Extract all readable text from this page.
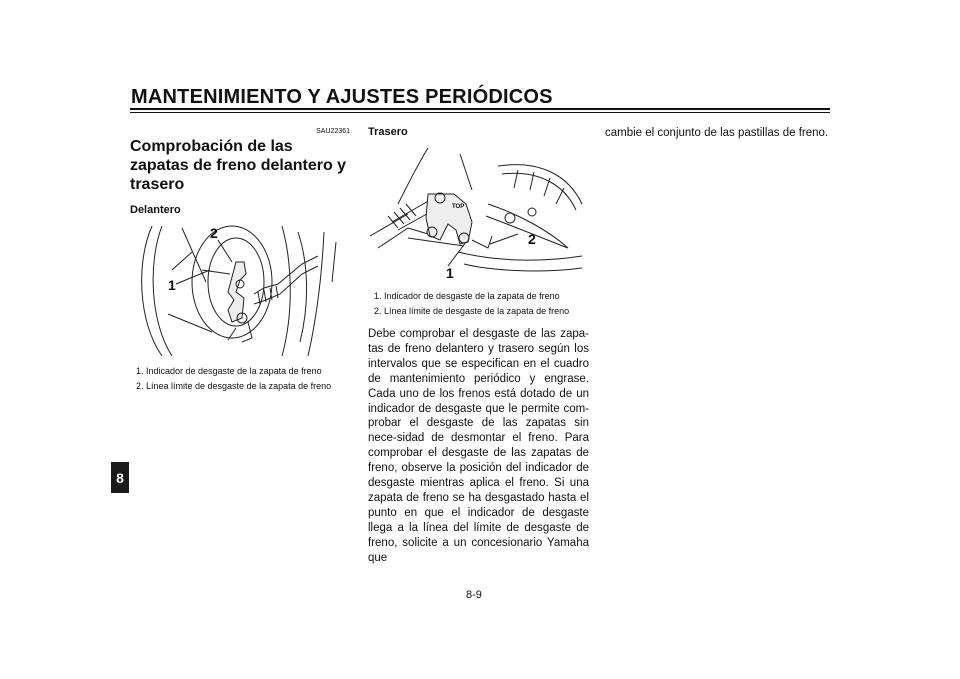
MANTENIMIENTO Y AJUSTES PERIÓDICOS
8
SAU22361
Comprobación de las zapatas de freno delantero y trasero
Delantero
2
1
1. Indicador de desgaste de la zapata de freno
2. Línea límite de desgaste de la zapata de freno
Trasero
TOP
2
1
1. Indicador de desgaste de la zapata de freno
2. Línea límite de desgaste de la zapata de freno

Debe comprobar el desgaste de las zapa-tas de freno delantero y trasero según los intervalos que se especifican en el cuadro de mantenimiento periódico y engrase. Cada uno de los frenos está dotado de un indicador de desgaste que le permite com-probar el desgaste de las zapatas sin nece-sidad de desmontar el freno. Para comprobar el desgaste de las zapatas de freno, observe la posición del indicador de desgaste mientras aplica el freno. Si una zapata de freno se ha desgastado hasta el punto en que el indicador de desgaste llega a la línea del límite de desgaste de freno, solicite a un concesionario Yamaha que

cambie el conjunto de las pastillas de freno.

8-9
